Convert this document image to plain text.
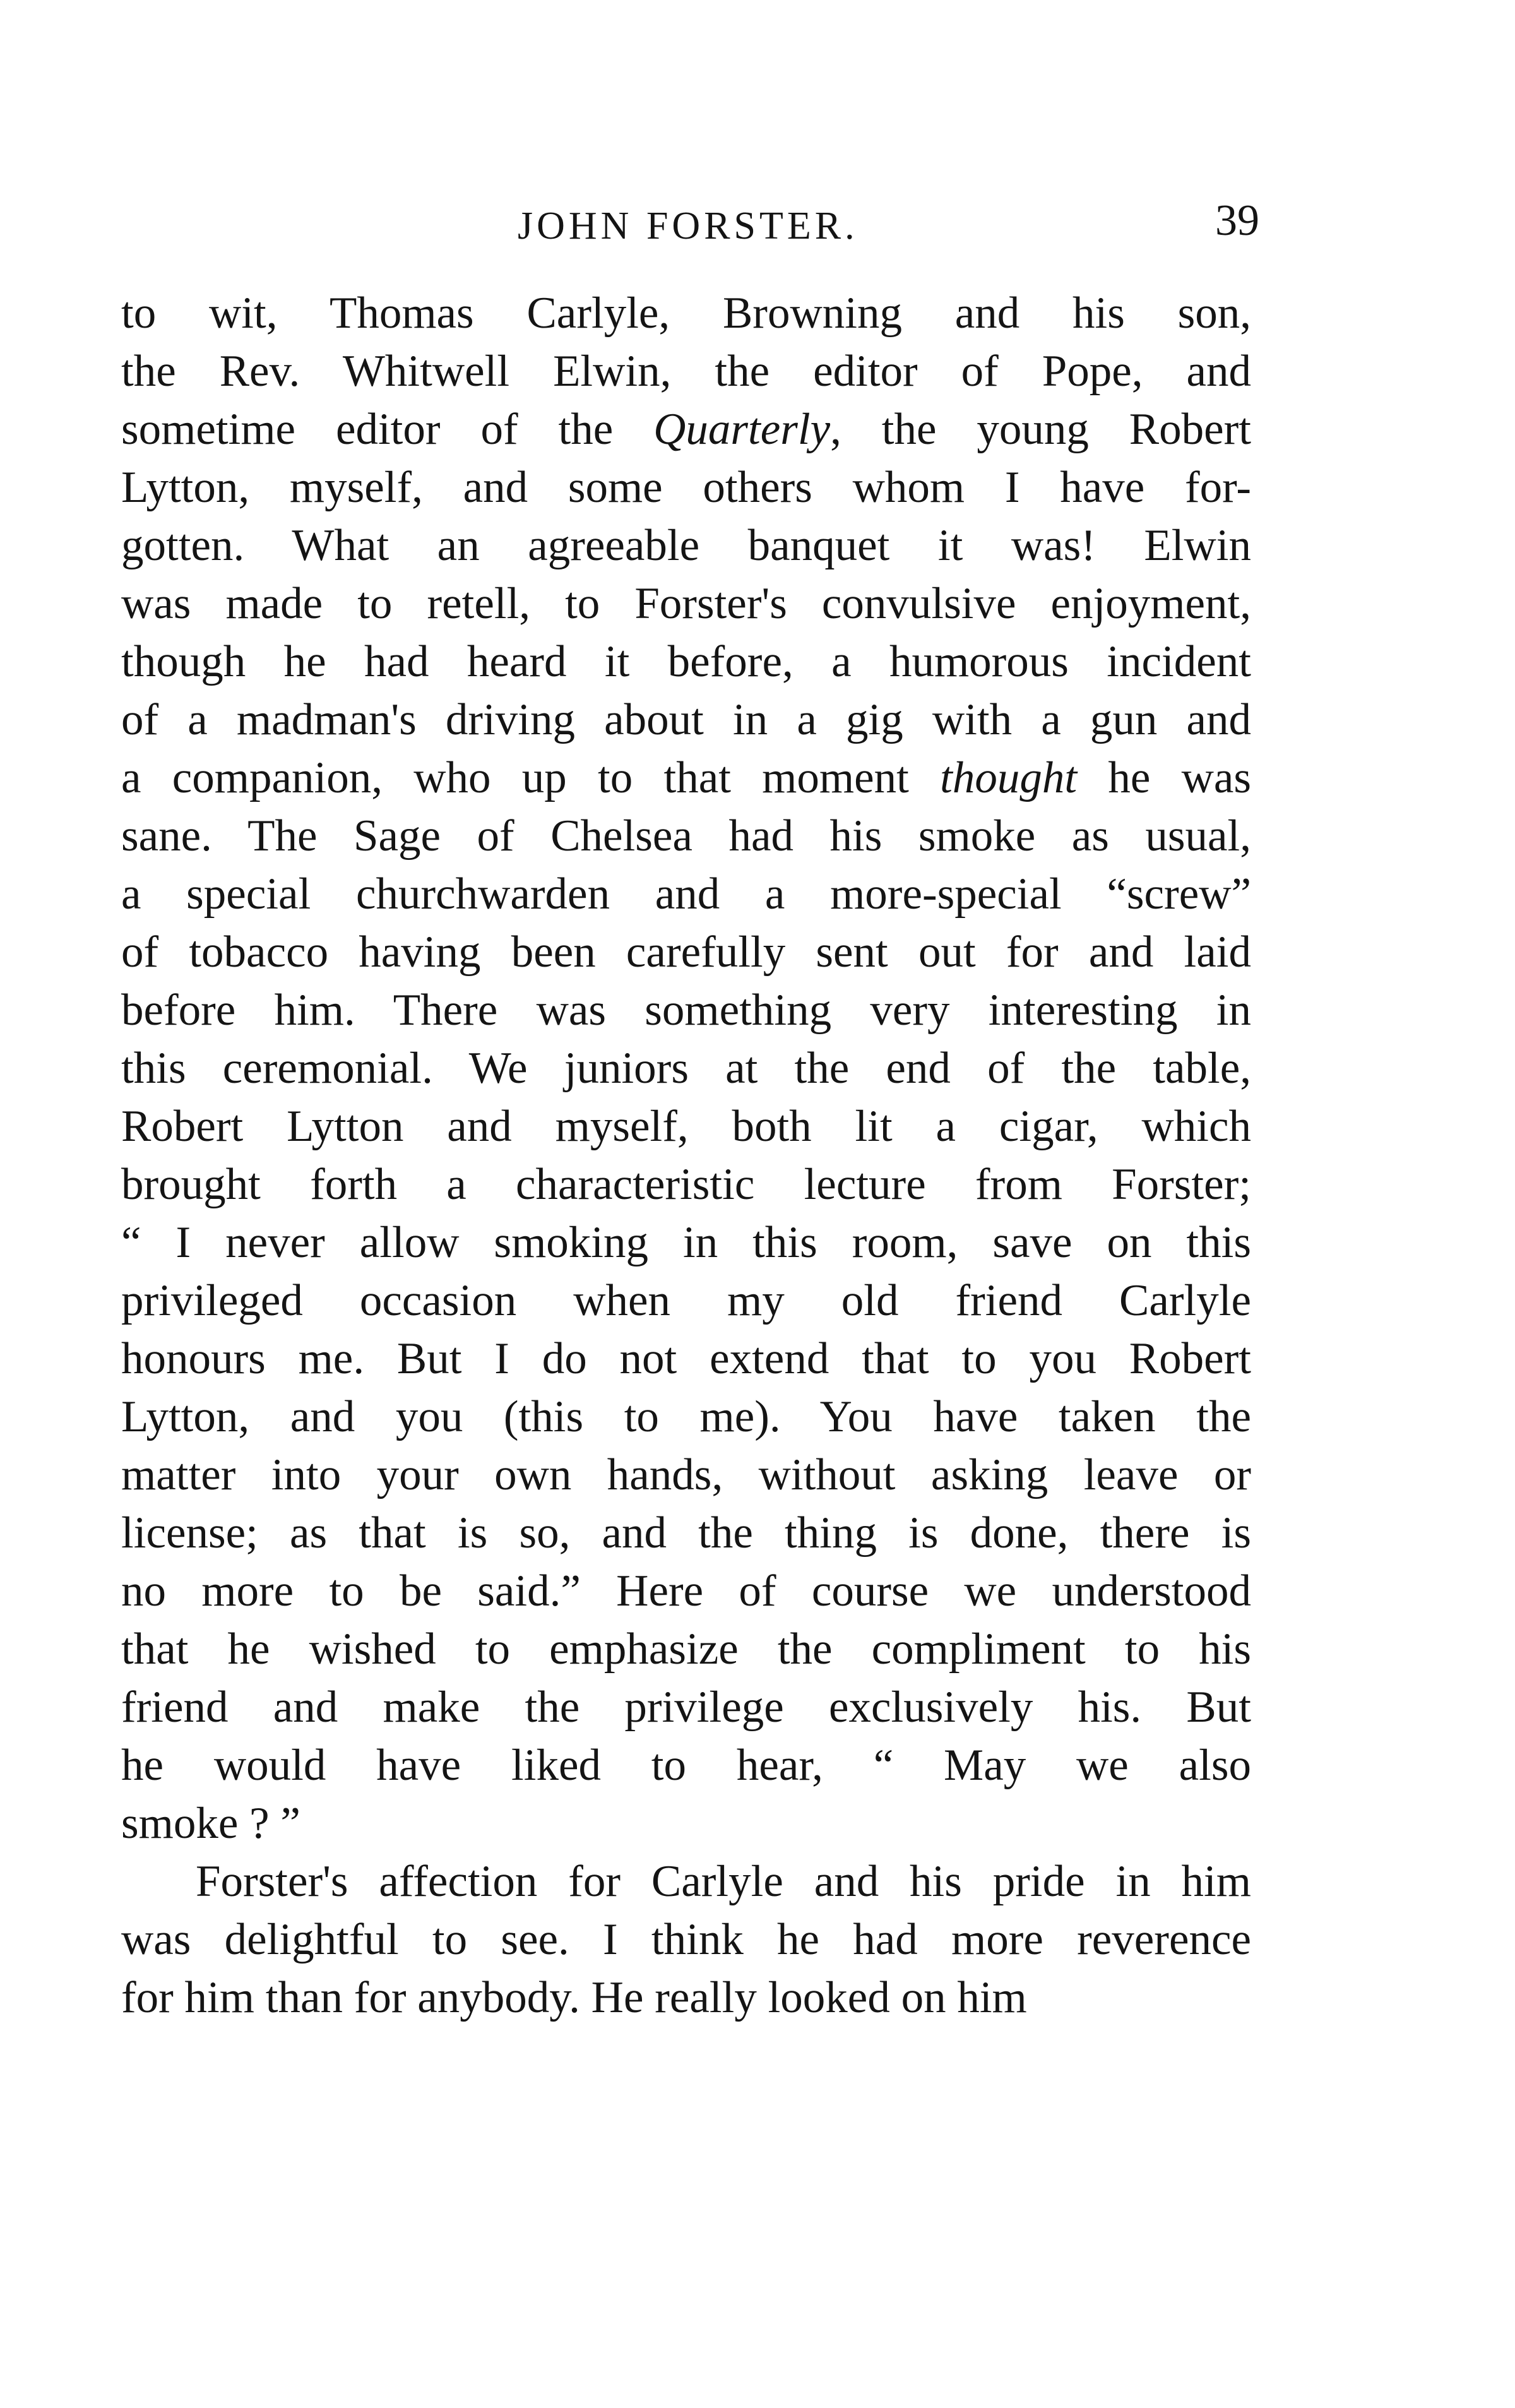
JOHN FORSTER.	39
to wit, Thomas Carlyle, Browning and his son,
the Rev. Whitwell Elwin, the editor of Pope, and
sometime editor of the Quarterly, the young Robert
Lytton, myself, and some others whom I have for-
gotten. What an agreeable banquet it was! Elwin
was made to retell, to Forster's convulsive enjoyment,
though he had heard it before, a humorous incident
of a madman's driving about in a gig with a gun and
a companion, who up to that moment thought he was
sane. The Sage of Chelsea had his smoke as usual,
a special churchwarden and a more-special “screw”
of tobacco having been carefully sent out for and laid
before him. There was something very interesting in
this ceremonial. We juniors at the end of the table,
Robert Lytton and myself, both lit a cigar, which
brought forth a characteristic lecture from Forster;
“ I never allow smoking in this room, save on this
privileged occasion when my old friend Carlyle
honours me. But I do not extend that to you Robert
Lytton, and you (this to me). You have taken the
matter into your own hands, without asking leave or
license; as that is so, and the thing is done, there is
no more to be said.” Here of course we understood
that he wished to emphasize the compliment to his
friend and make the privilege exclusively his. But
he would have liked to hear, “ May we also
smoke ? ”
Forster's affection for Carlyle and his pride in him
was delightful to see. I think he had more reverence
for him than for anybody. He really looked on him
